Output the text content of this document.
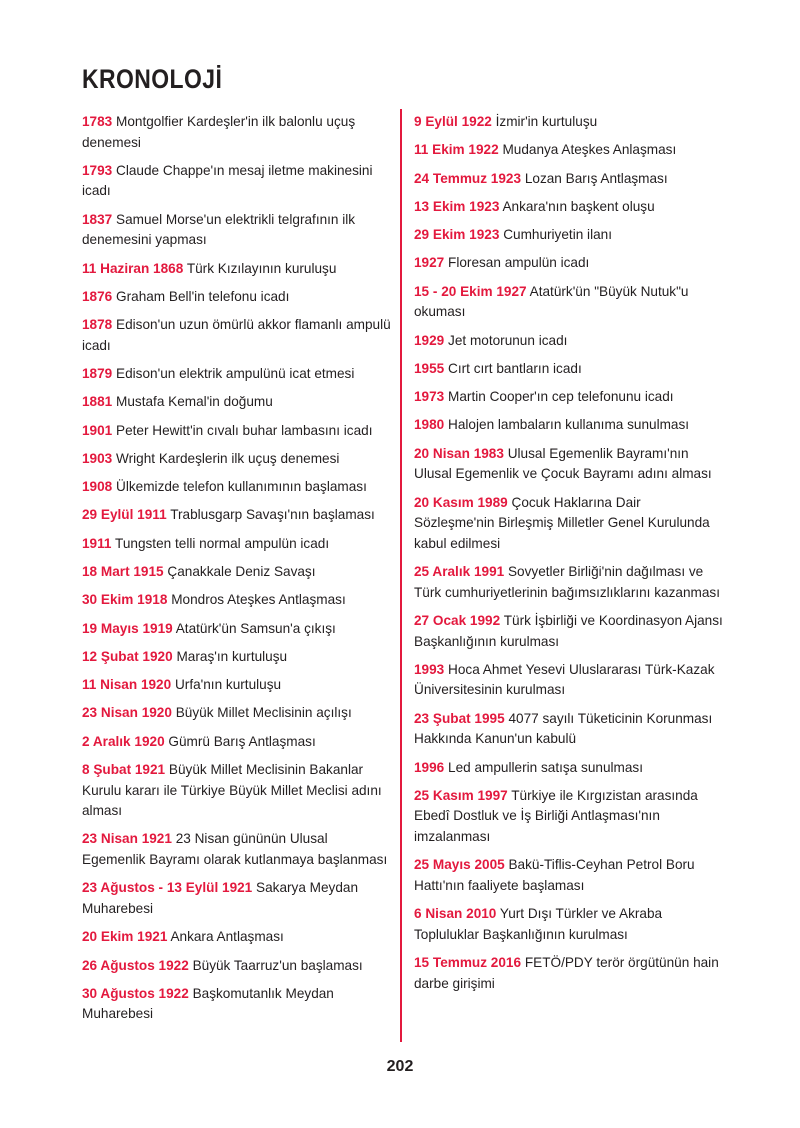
KRONOLOJİ
1783 Montgolfier Kardeşler'in ilk balonlu uçuş denemesi
1793 Claude Chappe'ın mesaj iletme makinesini icadı
1837 Samuel Morse'un elektrikli telgrafının ilk denemesini yapması
11 Haziran 1868 Türk Kızılayının kuruluşu
1876 Graham Bell'in telefonu icadı
1878 Edison'un uzun ömürlü akkor flamanlı ampulü icadı
1879 Edison'un elektrik ampulünü icat etmesi
1881 Mustafa Kemal'in doğumu
1901 Peter Hewitt'in cıvalı buhar lambasını icadı
1903 Wright Kardeşlerin ilk uçuş denemesi
1908 Ülkemizde telefon kullanımının başlaması
29 Eylül 1911 Trablusgarp Savaşı'nın başlaması
1911 Tungsten telli normal ampulün icadı
18 Mart 1915 Çanakkale Deniz Savaşı
30 Ekim 1918 Mondros Ateşkes Antlaşması
19 Mayıs 1919 Atatürk'ün Samsun'a çıkışı
12 Şubat 1920 Maraş'ın kurtuluşu
11 Nisan 1920 Urfa'nın kurtuluşu
23 Nisan 1920 Büyük Millet Meclisinin açılışı
2 Aralık 1920 Gümrü Barış Antlaşması
8 Şubat 1921 Büyük Millet Meclisinin Bakanlar Kurulu kararı ile Türkiye Büyük Millet Meclisi adını alması
23 Nisan 1921 23 Nisan gününün Ulusal Egemenlik Bayramı olarak kutlanmaya başlanması
23 Ağustos - 13 Eylül 1921 Sakarya Meydan Muharebesi
20 Ekim 1921 Ankara Antlaşması
26 Ağustos 1922 Büyük Taarruz'un başlaması
30 Ağustos 1922 Başkomutanlık Meydan Muharebesi
9 Eylül 1922 İzmir'in kurtuluşu
11 Ekim 1922 Mudanya Ateşkes Anlaşması
24 Temmuz 1923 Lozan Barış Antlaşması
13 Ekim 1923 Ankara'nın başkent oluşu
29 Ekim 1923 Cumhuriyetin ilanı
1927 Floresan ampulün icadı
15 - 20 Ekim 1927 Atatürk'ün "Büyük Nutuk"u okuması
1929 Jet motorunun icadı
1955 Cırt cırt bantların icadı
1973 Martin Cooper'ın cep telefonunu icadı
1980 Halojen lambaların kullanıma sunulması
20 Nisan 1983 Ulusal Egemenlik Bayramı'nın Ulusal Egemenlik ve Çocuk Bayramı adını alması
20 Kasım 1989 Çocuk Haklarına Dair Sözleşme'nin Birleşmiş Milletler Genel Kurulunda kabul edilmesi
25 Aralık 1991 Sovyetler Birliği'nin dağılması ve Türk cumhuriyetlerinin bağımsızlıklarını kazanması
27 Ocak 1992 Türk İşbirliği ve Koordinasyon Ajansı Başkanlığının kurulması
1993 Hoca Ahmet Yesevi Uluslararası Türk-Kazak Üniversitesinin kurulması
23 Şubat 1995 4077 sayılı Tüketicinin Korunması Hakkında Kanun'un kabulü
1996 Led ampullerin satışa sunulması
25 Kasım 1997 Türkiye ile Kırgızistan arasında Ebedî Dostluk ve İş Birliği Antlaşması'nın imzalanması
25 Mayıs 2005 Bakü-Tiflis-Ceyhan Petrol Boru Hattı'nın faaliyete başlaması
6 Nisan 2010 Yurt Dışı Türkler ve Akraba Topluluklar Başkanlığının kurulması
15 Temmuz 2016 FETÖ/PDY terör örgütünün hain darbe girişimi
202
